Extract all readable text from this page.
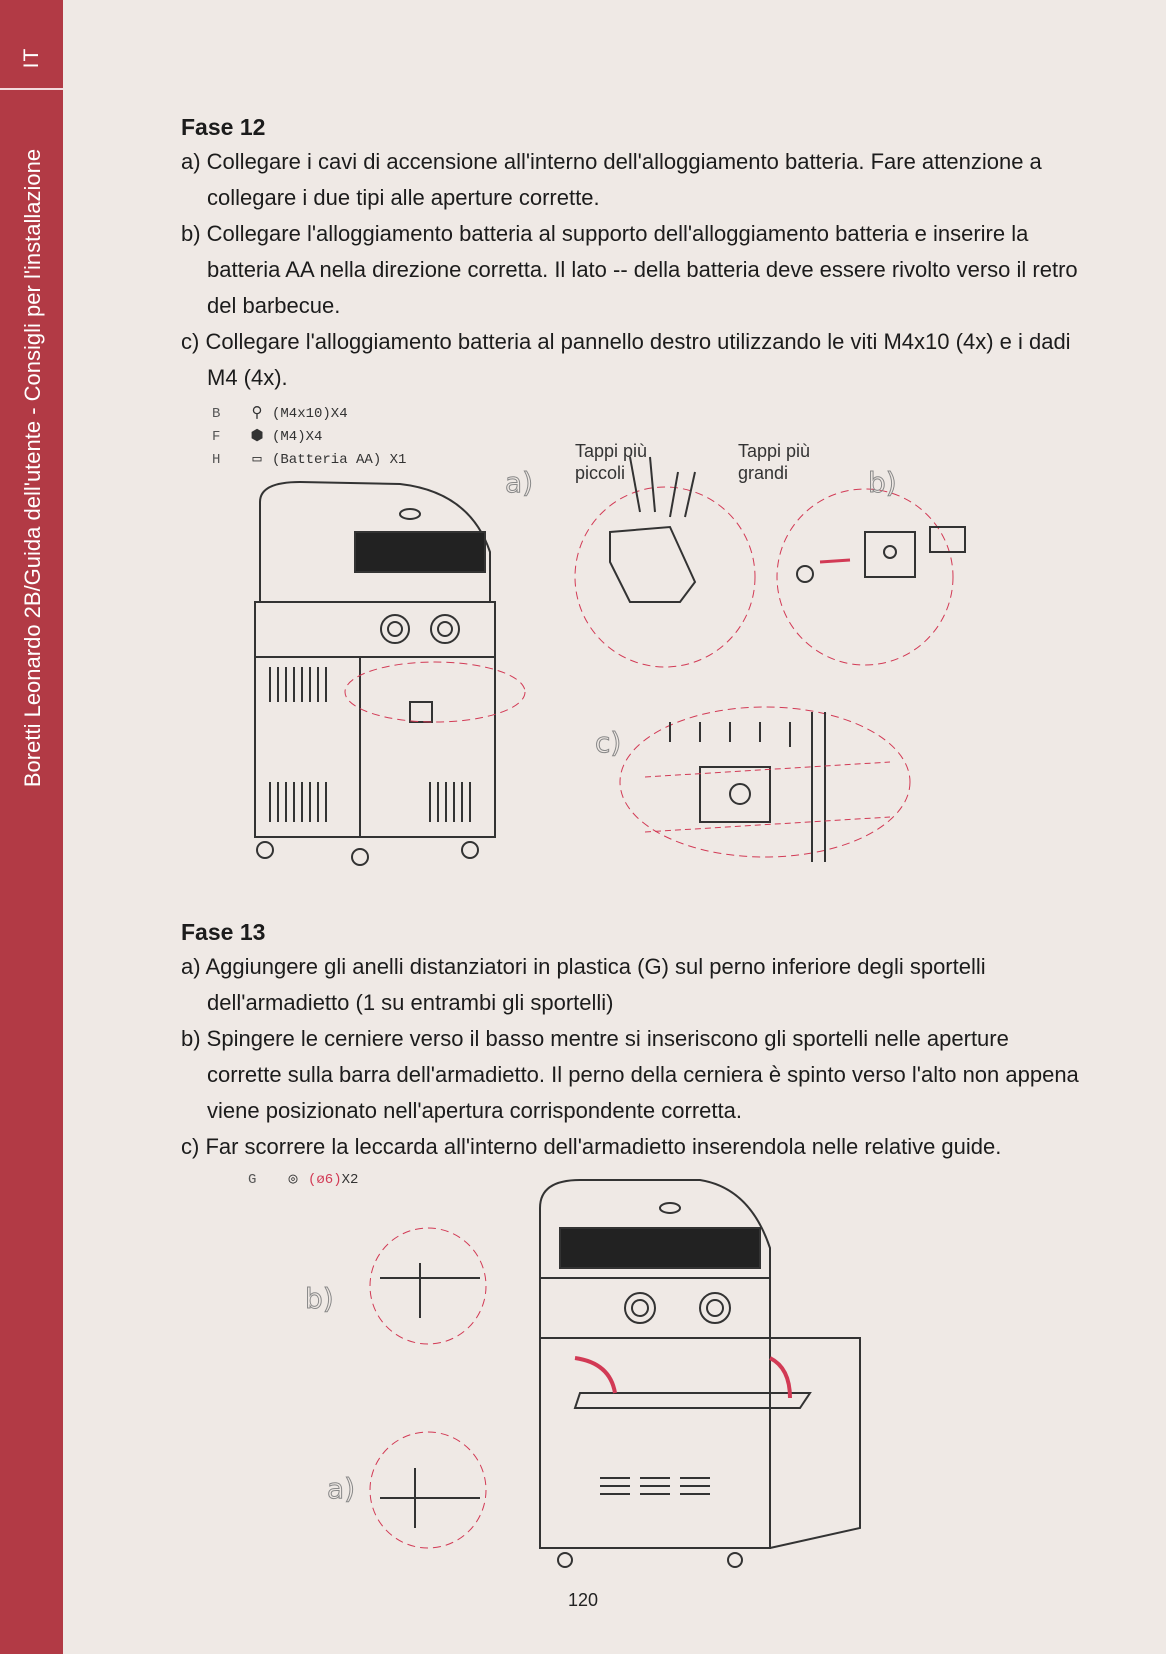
IT
Boretti Leonardo 2B/Guida dell'utente - Consigli per l'installazione
Fase 12
a) Collegare i cavi di accensione all'interno dell'alloggiamento batteria. Fare attenzione a collegare i due tipi alle aperture corrette.
b) Collegare l'alloggiamento batteria al supporto dell'alloggiamento batteria e inserire la batteria AA nella direzione corretta. Il lato -- della batteria deve essere rivolto verso il retro del barbecue.
c) Collegare l'alloggiamento batteria al pannello destro utilizzando le viti M4x10 (4x) e i dadi M4 (4x).
B ⚲ (M4x10)X4
F ⬢ (M4)X4
H ▭ (Batteria AA) X1	Tappi più piccoli
Tappi più grandi
a)	b)
c)
Fase 13
a) Aggiungere gli anelli distanziatori in plastica (G) sul perno inferiore degli sportelli dell'armadietto (1 su entrambi gli sportelli)
b) Spingere le cerniere verso il basso mentre si inseriscono gli sportelli nelle aperture corrette sulla barra dell'armadietto. Il perno della cerniera è spinto verso l'alto non appena viene posizionato nell'apertura corrispondente corretta.
c) Far scorrere la leccarda all'interno dell'armadietto inserendola nelle relative guide.
G ◎ (ø6)X2
b)
a)
120
